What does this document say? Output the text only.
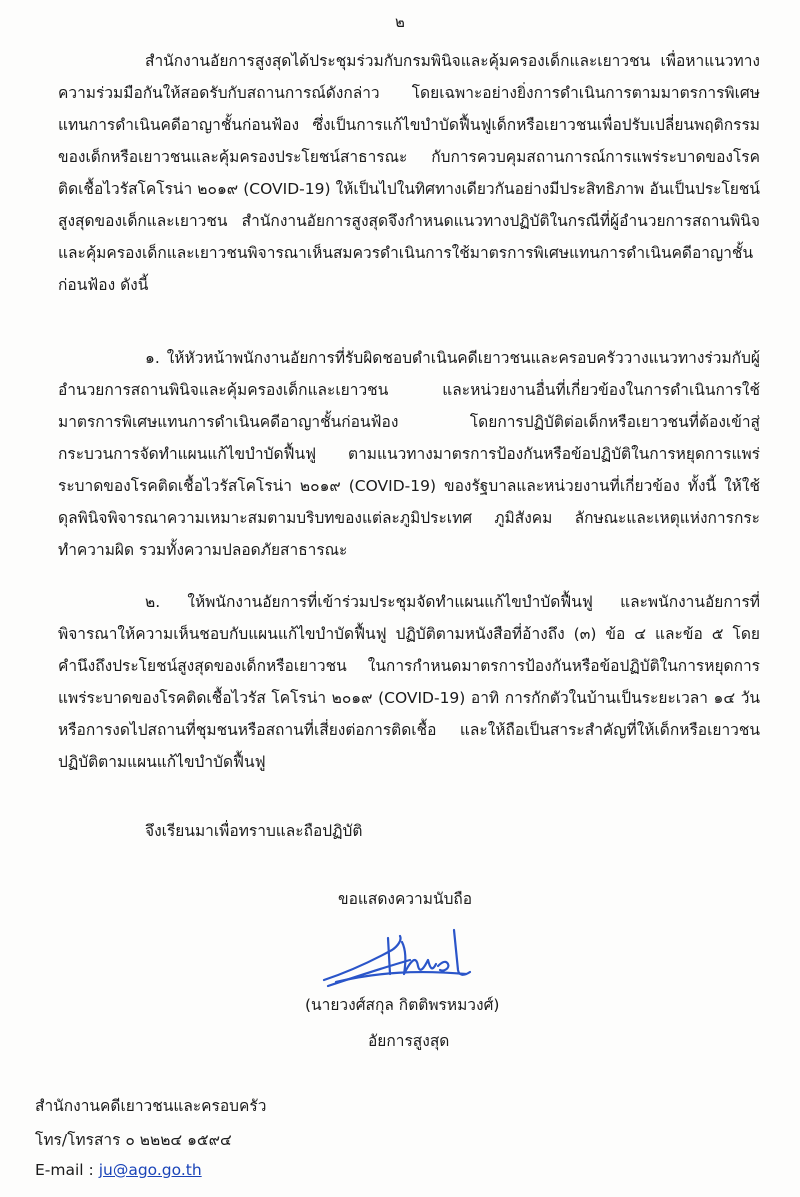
๒

สำนักงานอัยการสูงสุดได้ประชุมร่วมกับกรมพินิจและคุ้มครองเด็กและเยาวชน เพื่อหาแนวทางความร่วมมือกันให้สอดรับกับสถานการณ์ดังกล่าว โดยเฉพาะอย่างยิ่งการดำเนินการตามมาตรการพิเศษแทนการดำเนินคดีอาญาชั้นก่อนฟ้อง ซึ่งเป็นการแก้ไขบำบัดฟื้นฟูเด็กหรือเยาวชนเพื่อปรับเปลี่ยนพฤติกรรมของเด็กหรือเยาวชนและคุ้มครองประโยชน์สาธารณะ กับการควบคุมสถานการณ์การแพร่ระบาดของโรคติดเชื้อไวรัสโคโรน่า ๒๐๑๙ (COVID-19) ให้เป็นไปในทิศทางเดียวกันอย่างมีประสิทธิภาพ อันเป็นประโยชน์สูงสุดของเด็กและเยาวชน สำนักงานอัยการสูงสุดจึงกำหนดแนวทางปฏิบัติในกรณีที่ผู้อำนวยการสถานพินิจและคุ้มครองเด็กและเยาวชนพิจารณาเห็นสมควรดำเนินการใช้มาตรการพิเศษแทนการดำเนินคดีอาญาชั้นก่อนฟ้อง ดังนี้

๑. ให้หัวหน้าพนักงานอัยการที่รับผิดชอบดำเนินคดีเยาวชนและครอบครัววางแนวทางร่วมกับผู้อำนวยการสถานพินิจและคุ้มครองเด็กและเยาวชน และหน่วยงานอื่นที่เกี่ยวข้องในการดำเนินการใช้มาตรการพิเศษแทนการดำเนินคดีอาญาชั้นก่อนฟ้อง โดยการปฏิบัติต่อเด็กหรือเยาวชนที่ต้องเข้าสู่กระบวนการจัดทำแผนแก้ไขบำบัดฟื้นฟู ตามแนวทางมาตรการป้องกันหรือข้อปฏิบัติในการหยุดการแพร่ระบาดของโรคติดเชื้อไวรัสโคโรน่า ๒๐๑๙ (COVID-19) ของรัฐบาลและหน่วยงานที่เกี่ยวข้อง ทั้งนี้ ให้ใช้ดุลพินิจพิจารณาความเหมาะสมตามบริบทของแต่ละภูมิประเทศ ภูมิสังคม ลักษณะและเหตุแห่งการกระทำความผิด รวมทั้งความปลอดภัยสาธารณะ

๒. ให้พนักงานอัยการที่เข้าร่วมประชุมจัดทำแผนแก้ไขบำบัดฟื้นฟู และพนักงานอัยการที่พิจารณาให้ความเห็นชอบกับแผนแก้ไขบำบัดฟื้นฟู ปฏิบัติตามหนังสือที่อ้างถึง (๓) ข้อ ๔ และข้อ ๕ โดยคำนึงถึงประโยชน์สูงสุดของเด็กหรือเยาวชน ในการกำหนดมาตรการป้องกันหรือข้อปฏิบัติในการหยุดการแพร่ระบาดของโรคติดเชื้อไวรัส โคโรน่า ๒๐๑๙ (COVID-19) อาทิ การกักตัวในบ้านเป็นระยะเวลา ๑๔ วัน หรือการงดไปสถานที่ชุมชนหรือสถานที่เสี่ยงต่อการติดเชื้อ และให้ถือเป็นสาระสำคัญที่ให้เด็กหรือเยาวชนปฏิบัติตามแผนแก้ไขบำบัดฟื้นฟู

จึงเรียนมาเพื่อทราบและถือปฏิบัติ
ขอแสดงความนับถือ
(นายวงศ์สกุล กิตติพรหมวงศ์)
อัยการสูงสุด
สำนักงานคดีเยาวชนและครอบครัว
โทร/โทรสาร ๐ ๒๒๒๔ ๑๕๙๔
E-mail : ju@ago.go.th
